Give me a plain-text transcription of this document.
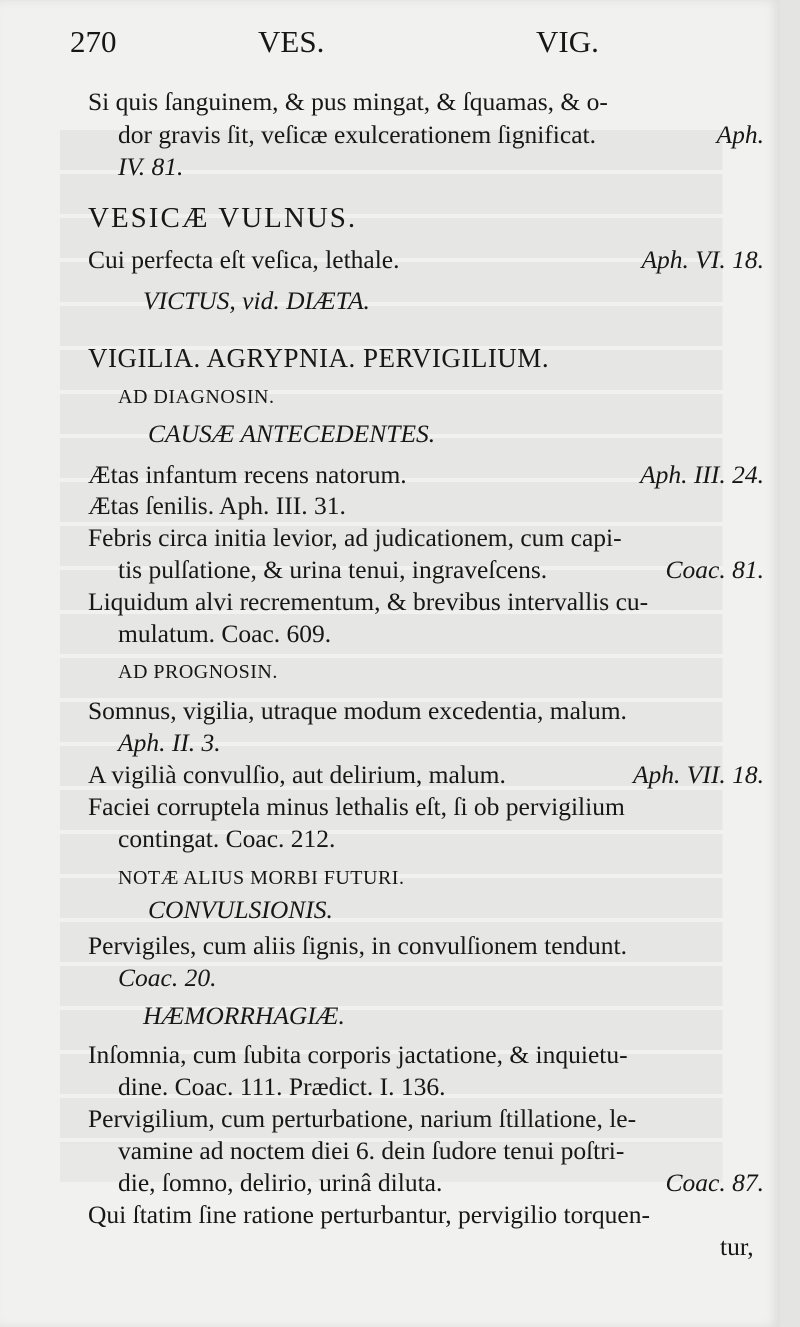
270	VES.	VIG.
Si quis ſanguinem, & pus mingat, & ſquamas, & o-
dor gravis ſit, veſicæ exulcerationem ſignificat.	Aph.
IV. 81.
VESICÆ VULNUS.
Cui perfecta eſt veſica, lethale.	Aph. VI. 18.
VICTUS, vid. DIÆTA.
VIGILIA. AGRYPNIA. PERVIGILIUM.
AD DIAGNOSIN.
CAUSÆ ANTECEDENTES.
Ætas infantum recens natorum.	Aph. III. 24.
Ætas ſenilis. Aph. III. 31.
Febris circa initia levior, ad judicationem, cum capi-
tis pulſatione, & urina tenui, ingraveſcens.	Coac. 81.
Liquidum alvi recrementum, & brevibus intervallis cu-
mulatum. Coac. 609.
AD PROGNOSIN.
Somnus, vigilia, utraque modum excedentia, malum.
Aph. II. 3.
A vigilià convulſio, aut delirium, malum.	Aph. VII. 18.
Faciei corruptela minus lethalis eſt, ſi ob pervigilium
contingat. Coac. 212.
NOTÆ ALIUS MORBI FUTURI.
CONVULSIONIS.
Pervigiles, cum aliis ſignis, in convulſionem tendunt.
Coac. 20.
HÆMORRHAGIÆ.
Inſomnia, cum ſubita corporis jactatione, & inquietu-
dine. Coac. 111. Prædict. I. 136.
Pervigilium, cum perturbatione, narium ſtillatione, le-
vamine ad noctem diei 6. dein ſudore tenui poſtri-
die, ſomno, delirio, urinâ diluta.	Coac. 87.
Qui ſtatim ſine ratione perturbantur, pervigilio torquen-
tur,
